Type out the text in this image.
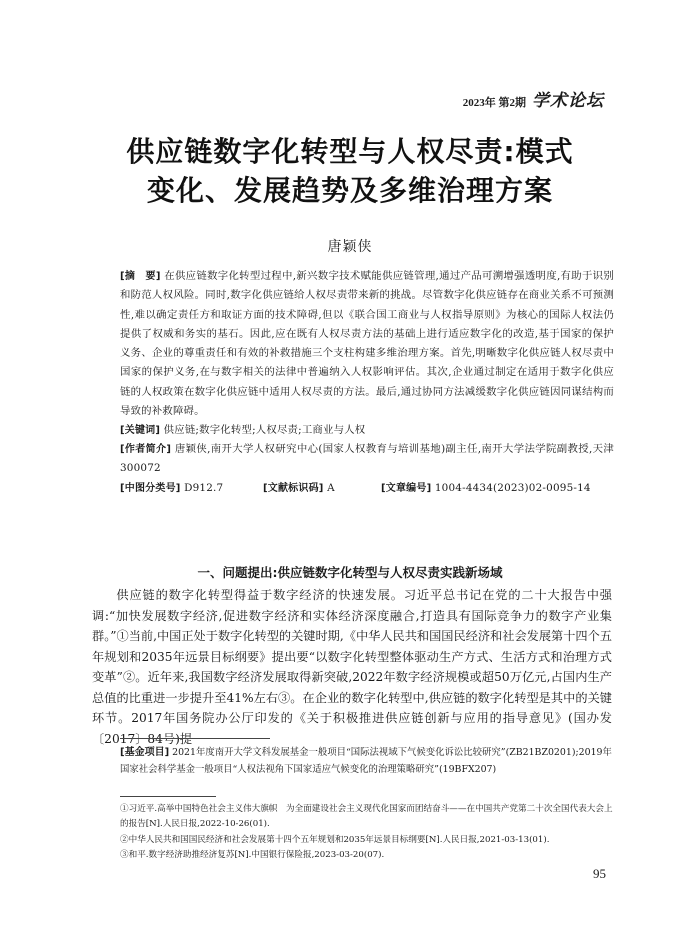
2023年 第2期 学术论坛
供应链数字化转型与人权尽责:模式
变化、发展趋势及多维治理方案
唐颖侠

[摘　要] 在供应链数字化转型过程中,新兴数字技术赋能供应链管理,通过产品可溯增强透明度,有助于识别和防范人权风险。同时,数字化供应链给人权尽责带来新的挑战。尽管数字化供应链存在商业关系不可预测性,难以确定责任方和取证方面的技术障碍,但以《联合国工商业与人权指导原则》为核心的国际人权法仍提供了权威和务实的基石。因此,应在既有人权尽责方法的基础上进行适应数字化的改造,基于国家的保护义务、企业的尊重责任和有效的补救措施三个支柱构建多维治理方案。首先,明晰数字化供应链人权尽责中国家的保护义务,在与数字相关的法律中普遍纳入人权影响评估。其次,企业通过制定在适用于数字化供应链的人权政策在数字化供应链中适用人权尽责的方法。最后,通过协同方法减缓数字化供应链因同谋结构而导致的补救障碍。

[关键词] 供应链;数字化转型;人权尽责;工商业与人权

[作者简介] 唐颖侠,南开大学人权研究中心(国家人权教育与培训基地)副主任,南开大学法学院副教授,天津　300072

[中图分类号] D912.7	[文献标识码] A	[文章编号] 1004-4434(2023)02-0095-14
一、问题提出:供应链数字化转型与人权尽责实践新场域

供应链的数字化转型得益于数字经济的快速发展。习近平总书记在党的二十大报告中强调:“加快发展数字经济,促进数字经济和实体经济深度融合,打造具有国际竞争力的数字产业集群。”①当前,中国正处于数字化转型的关键时期,《中华人民共和国国民经济和社会发展第十四个五年规划和2035年远景目标纲要》提出要“以数字化转型整体驱动生产方式、生活方式和治理方式变革”②。近年来,我国数字经济发展取得新突破,2022年数字经济规模或超50万亿元,占国内生产总值的比重进一步提升至41%左右③。在企业的数字化转型中,供应链的数字化转型是其中的关键环节。2017年国务院办公厅印发的《关于积极推进供应链创新与应用的指导意见》(国办发〔2017〕84号)提

[基金项目] 2021年度南开大学文科发展基金一般项目“国际法视域下气候变化诉讼比较研究”(ZB21BZ0201);2019年国家社会科学基金一般项目“人权法视角下国家适应气候变化的治理策略研究”(19BFX207)

①习近平.高举中国特色社会主义伟大旗帜　为全面建设社会主义现代化国家而团结奋斗——在中国共产党第二十次全国代表大会上的报告[N].人民日报,2022-10-26(01).

②中华人民共和国国民经济和社会发展第十四个五年规划和2035年远景目标纲要[N].人民日报,2021-03-13(01).

③和平.数字经济助推经济复苏[N].中国银行保险报,2023-03-20(07).

95
